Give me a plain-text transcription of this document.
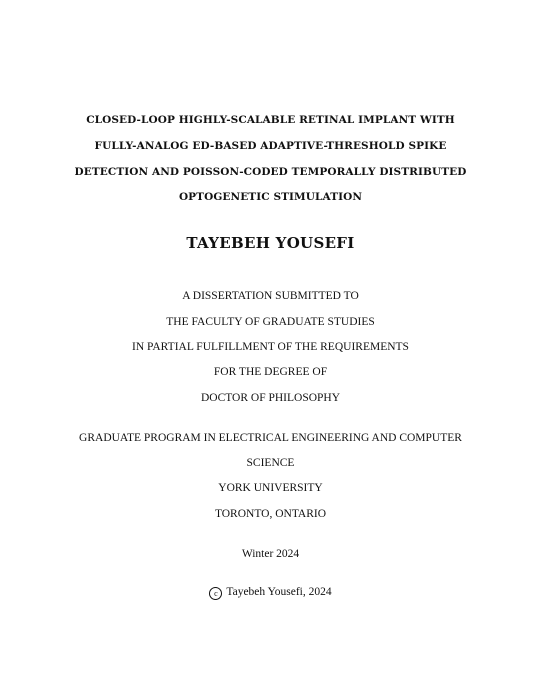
CLOSED-LOOP HIGHLY-SCALABLE RETINAL IMPLANT WITH
FULLY-ANALOG ED-BASED ADAPTIVE-THRESHOLD SPIKE
DETECTION AND POISSON-CODED TEMPORALLY DISTRIBUTED
OPTOGENETIC STIMULATION
TAYEBEH YOUSEFI
A DISSERTATION SUBMITTED TO
THE FACULTY OF GRADUATE STUDIES
IN PARTIAL FULFILLMENT OF THE REQUIREMENTS
FOR THE DEGREE OF
DOCTOR OF PHILOSOPHY
GRADUATE PROGRAM IN ELECTRICAL ENGINEERING AND COMPUTER
SCIENCE
YORK UNIVERSITY
TORONTO, ONTARIO
Winter 2024
c Tayebeh Yousefi, 2024
